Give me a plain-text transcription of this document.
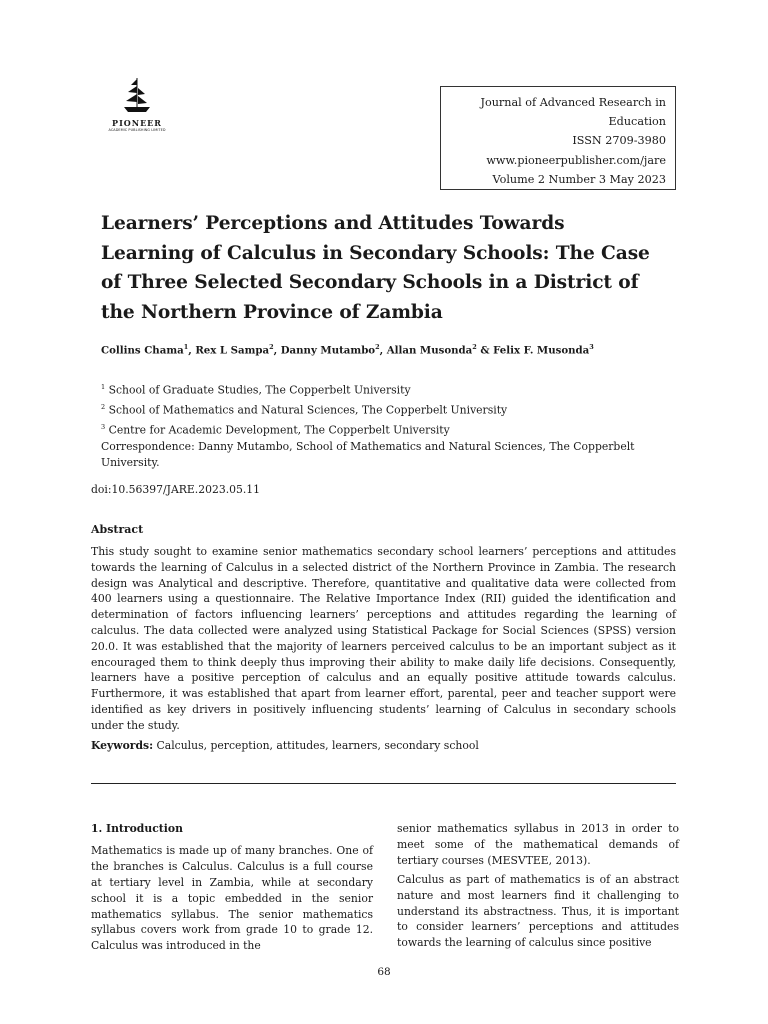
PIONEER
ACADEMIC PUBLISHING LIMITED
Journal of Advanced Research in
Education
ISSN 2709-3980
www.pioneerpublisher.com/jare
Volume 2 Number 3 May 2023
Learners’ Perceptions and Attitudes Towards
Learning of Calculus in Secondary Schools: The Case
of Three Selected Secondary Schools in a District of
the Northern Province of Zambia
Collins Chama$^1$, Rex L Sampa$^2$, Danny Mutambo$^2$, Allan Musonda$^2$ & Felix F. Musonda$^3$
$^1$ School of Graduate Studies, The Copperbelt University
$^2$ School of Mathematics and Natural Sciences, The Copperbelt University
$^3$ Centre for Academic Development, The Copperbelt University
Correspondence: Danny Mutambo, School of Mathematics and Natural Sciences, The Copperbelt University.
doi:10.56397/JARE.2023.05.11
Abstract

This study sought to examine senior mathematics secondary school learners’ perceptions and attitudes towards the learning of Calculus in a selected district of the Northern Province in Zambia. The research design was Analytical and descriptive. Therefore, quantitative and qualitative data were collected from 400 learners using a questionnaire. The Relative Importance Index (RII) guided the identification and determination of factors influencing learners’ perceptions and attitudes regarding the learning of calculus. The data collected were analyzed using Statistical Package for Social Sciences (SPSS) version 20.0. It was established that the majority of learners perceived calculus to be an important subject as it encouraged them to think deeply thus improving their ability to make daily life decisions. Consequently, learners have a positive perception of calculus and an equally positive attitude towards calculus. Furthermore, it was established that apart from learner effort, parental, peer and teacher support were identified as key drivers in positively influencing students’ learning of Calculus in secondary schools under the study.

Keywords: Calculus, perception, attitudes, learners, secondary school

1. Introduction

Mathematics is made up of many branches. One of the branches is Calculus. Calculus is a full course at tertiary level in Zambia, while at secondary school it is a topic embedded in the senior mathematics syllabus. The senior mathematics syllabus covers work from grade 10 to grade 12. Calculus was introduced in the

senior mathematics syllabus in 2013 in order to meet some of the mathematical demands of tertiary courses (MESVTEE, 2013).

Calculus as part of mathematics is of an abstract nature and most learners find it challenging to understand its abstractness. Thus, it is important to consider learners’ perceptions and attitudes towards the learning of calculus since positive

68
